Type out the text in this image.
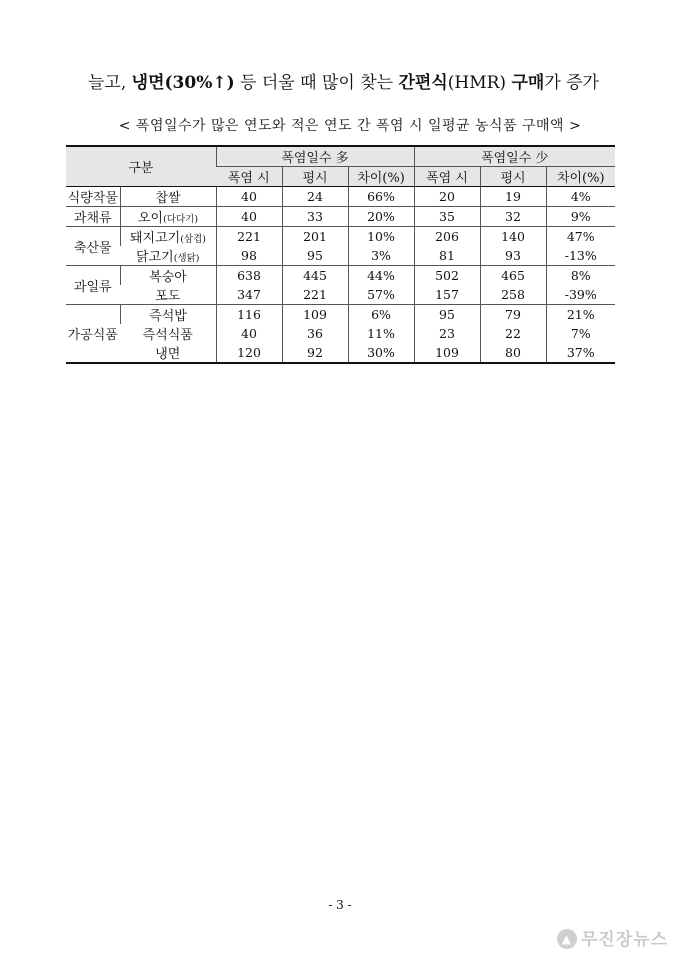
늘고, 냉면(30%↑) 등 더울 때 많이 찾는 간편식(HMR) 구매가 증가
< 폭염일수가 많은 연도와 적은 연도 간 폭염 시 일평균 농식품 구매액 >
구분		폭염일수 多			폭염일수 少		
		폭염 시	평시	차이(%)	폭염 시	평시	차이(%)
식량작물	찹쌀	40	24	66%	20	19	4%
과채류	오이(다다기)	40	33	20%	35	32	9%
축산물	돼지고기(삼겹)	221	201	10%	206	140	47%
	닭고기(생닭)	98	95	3%	81	93	-13%
과일류	복숭아	638	445	44%	502	465	8%
	포도	347	221	57%	157	258	-39%
가공식품	즉석밥	116	109	6%	95	79	21%
	즉석식품	40	36	11%	23	22	7%
	냉면	120	92	30%	109	80	37%
- 3 -
▲ 무진장뉴스
